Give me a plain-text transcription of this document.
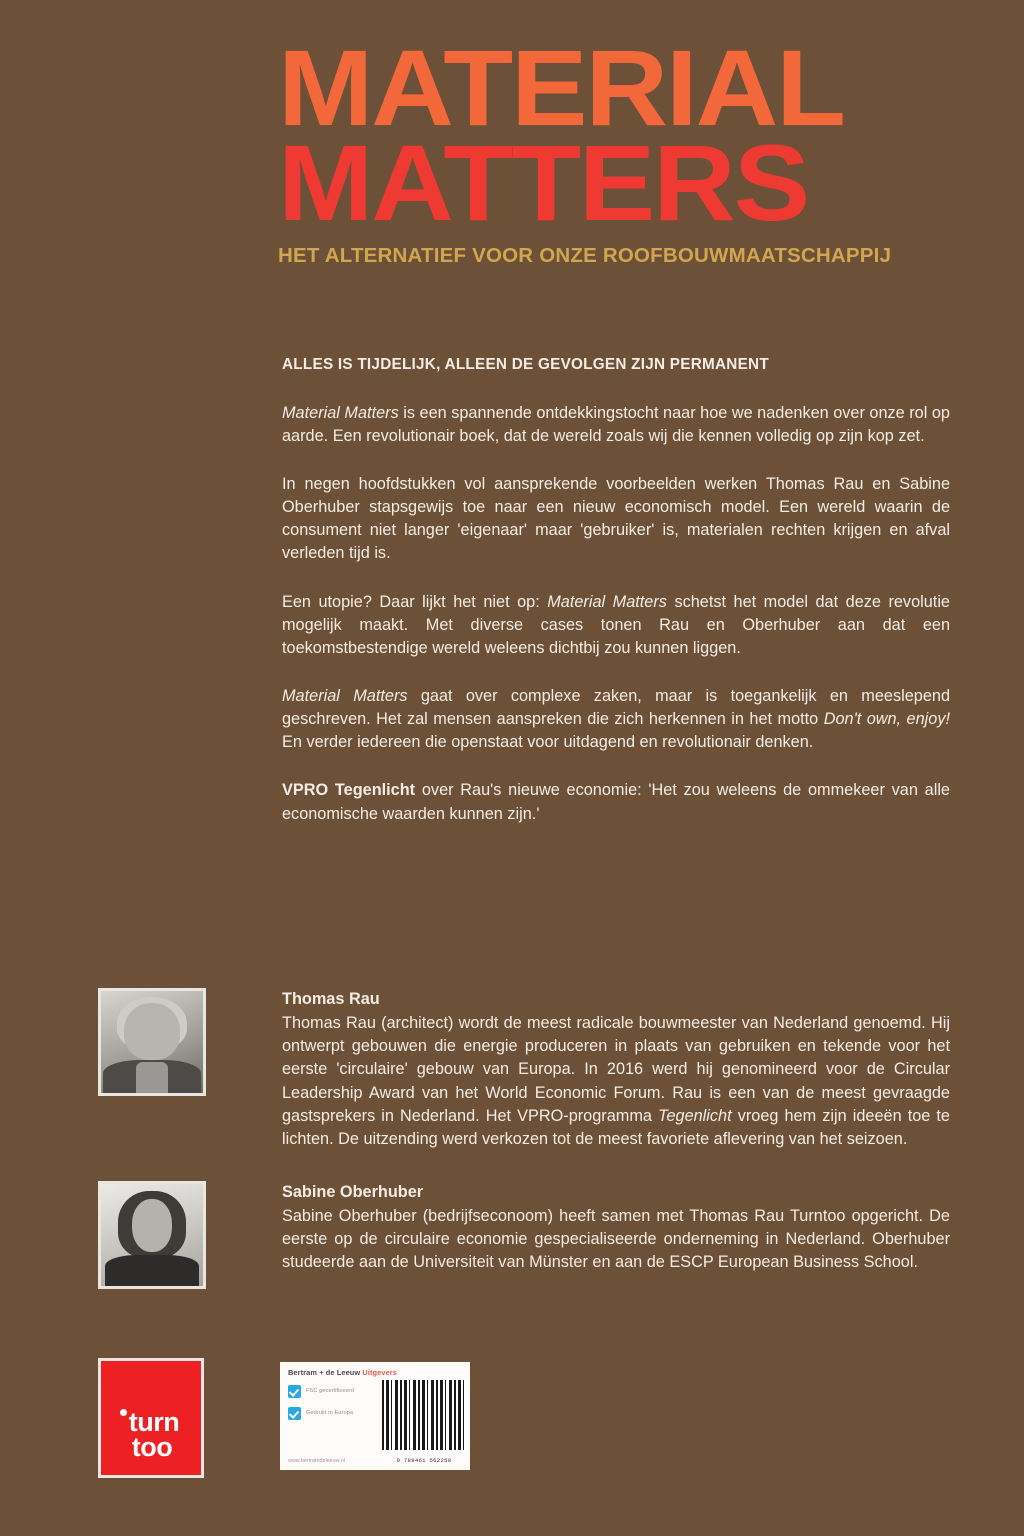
MATERIAL
MATTERS
HET ALTERNATIEF VOOR ONZE ROOFBOUWMAATSCHAPPIJ
ALLES IS TIJDELIJK, ALLEEN DE GEVOLGEN ZIJN PERMANENT

Material Matters is een spannende ontdekkingstocht naar hoe we nadenken over onze rol op aarde. Een revolutionair boek, dat de wereld zoals wij die kennen volledig op zijn kop zet.

In negen hoofdstukken vol aansprekende voorbeelden werken Thomas Rau en Sabine Oberhuber stapsgewijs toe naar een nieuw economisch model. Een wereld waarin de consument niet langer 'eigenaar' maar 'gebruiker' is, materialen rechten krijgen en afval verleden tijd is.

Een utopie? Daar lijkt het niet op: Material Matters schetst het model dat deze revolutie mogelijk maakt. Met diverse cases tonen Rau en Oberhuber aan dat een toekomstbestendige wereld weleens dichtbij zou kunnen liggen.

Material Matters gaat over complexe zaken, maar is toegankelijk en meeslepend geschreven. Het zal mensen aanspreken die zich herkennen in het motto Don't own, enjoy! En verder iedereen die openstaat voor uitdagend en revolutionair denken.

VPRO Tegenlicht over Rau's nieuwe economie: 'Het zou weleens de ommekeer van alle economische waarden kunnen zijn.'

Thomas Rau
Thomas Rau (architect) wordt de meest radicale bouwmeester van Nederland genoemd. Hij ontwerpt gebouwen die energie produceren in plaats van gebruiken en tekende voor het eerste 'circulaire' gebouw van Europa. In 2016 werd hij genomineerd voor de Circular Leadership Award van het World Economic Forum. Rau is een van de meest gevraagde gastsprekers in Nederland. Het VPRO-programma Tegenlicht vroeg hem zijn ideeën toe te lichten. De uitzending werd verkozen tot de meest favoriete aflevering van het seizoen.
Sabine Oberhuber
Sabine Oberhuber (bedrijfseconoom) heeft samen met Thomas Rau Turntoo opgericht. De eerste op de circulaire economie gespecialiseerde onderneming in Nederland. Oberhuber studeerde aan de Universiteit van Münster en aan de ESCP European Business School.
turn
too
Bertram + de Leeuw Uitgevers
FSC gecertificeerd
Gedrukt in Europa
www.bertramdeleeuw.nl	9 789461 562258
